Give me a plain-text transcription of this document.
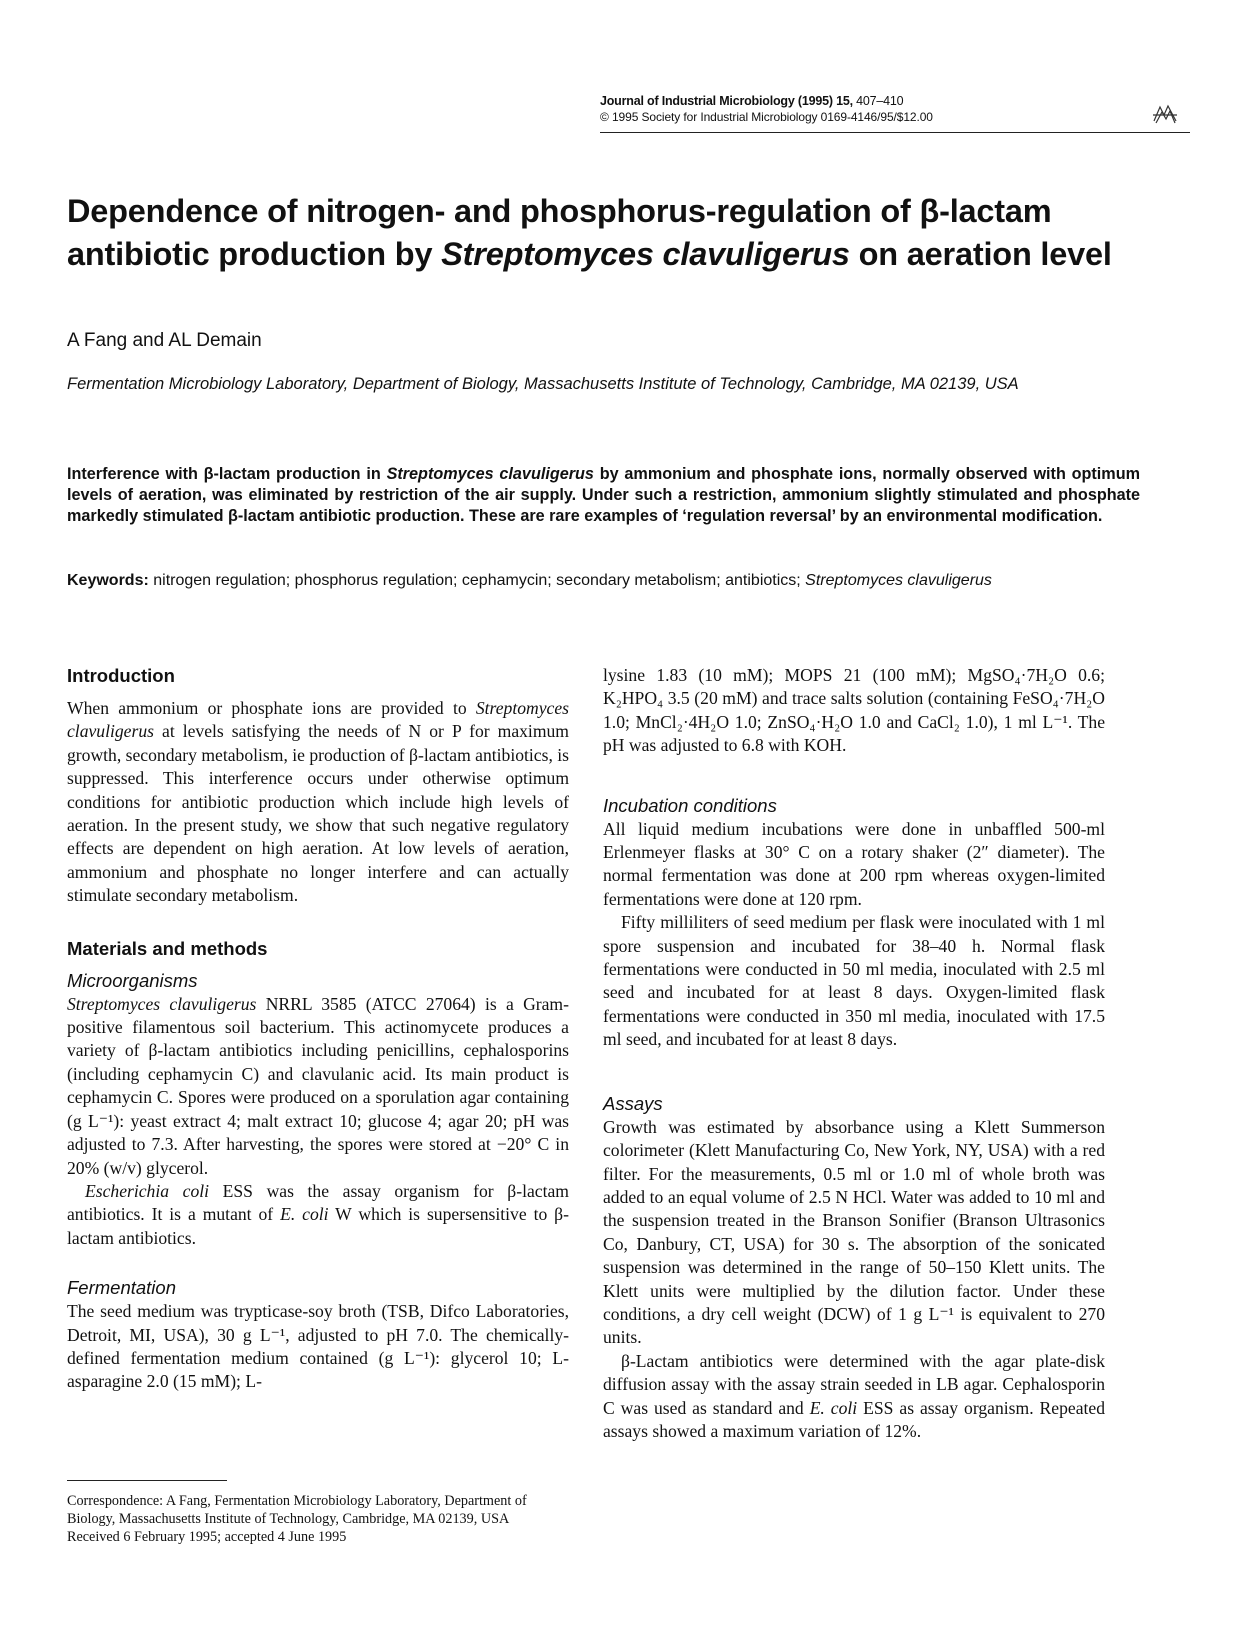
Journal of Industrial Microbiology (1995) 15, 407–410
© 1995 Society for Industrial Microbiology 0169-4146/95/$12.00
Dependence of nitrogen- and phosphorus-regulation of β-lactam antibiotic production by Streptomyces clavuligerus on aeration level
A Fang and AL Demain
Fermentation Microbiology Laboratory, Department of Biology, Massachusetts Institute of Technology, Cambridge, MA 02139, USA

Interference with β-lactam production in Streptomyces clavuligerus by ammonium and phosphate ions, normally observed with optimum levels of aeration, was eliminated by restriction of the air supply. Under such a restriction, ammonium slightly stimulated and phosphate markedly stimulated β-lactam antibiotic production. These are rare examples of ‘regulation reversal’ by an environmental modification.

Keywords: nitrogen regulation; phosphorus regulation; cephamycin; secondary metabolism; antibiotics; Streptomyces clavuligerus

Introduction

When ammonium or phosphate ions are provided to Streptomyces clavuligerus at levels satisfying the needs of N or P for maximum growth, secondary metabolism, ie production of β-lactam antibiotics, is suppressed. This interference occurs under otherwise optimum conditions for antibiotic production which include high levels of aeration. In the present study, we show that such negative regulatory effects are dependent on high aeration. At low levels of aeration, ammonium and phosphate no longer interfere and can actually stimulate secondary metabolism.

Materials and methods
Microorganisms

Streptomyces clavuligerus NRRL 3585 (ATCC 27064) is a Gram-positive filamentous soil bacterium. This actinomycete produces a variety of β-lactam antibiotics including penicillins, cephalosporins (including cephamycin C) and clavulanic acid. Its main product is cephamycin C. Spores were produced on a sporulation agar containing (g L⁻¹): yeast extract 4; malt extract 10; glucose 4; agar 20; pH was adjusted to 7.3. After harvesting, the spores were stored at −20° C in 20% (w/v) glycerol.

Escherichia coli ESS was the assay organism for β-lactam antibiotics. It is a mutant of E. coli W which is supersensitive to β-lactam antibiotics.

Fermentation

The seed medium was trypticase-soy broth (TSB, Difco Laboratories, Detroit, MI, USA), 30 g L⁻¹, adjusted to pH 7.0. The chemically-defined fermentation medium contained (g L⁻¹): glycerol 10; L-asparagine 2.0 (15 mM); L-

lysine 1.83 (10 mM); MOPS 21 (100 mM); MgSO₄·7H₂O 0.6; K₂HPO₄ 3.5 (20 mM) and trace salts solution (containing FeSO₄·7H₂O 1.0; MnCl₂·4H₂O 1.0; ZnSO₄·H₂O 1.0 and CaCl₂ 1.0), 1 ml L⁻¹. The pH was adjusted to 6.8 with KOH.

Incubation conditions

All liquid medium incubations were done in unbaffled 500-ml Erlenmeyer flasks at 30° C on a rotary shaker (2″ diameter). The normal fermentation was done at 200 rpm whereas oxygen-limited fermentations were done at 120 rpm.

Fifty milliliters of seed medium per flask were inoculated with 1 ml spore suspension and incubated for 38–40 h. Normal flask fermentations were conducted in 50 ml media, inoculated with 2.5 ml seed and incubated for at least 8 days. Oxygen-limited flask fermentations were conducted in 350 ml media, inoculated with 17.5 ml seed, and incubated for at least 8 days.

Assays

Growth was estimated by absorbance using a Klett Summerson colorimeter (Klett Manufacturing Co, New York, NY, USA) with a red filter. For the measurements, 0.5 ml or 1.0 ml of whole broth was added to an equal volume of 2.5 N HCl. Water was added to 10 ml and the suspension treated in the Branson Sonifier (Branson Ultrasonics Co, Danbury, CT, USA) for 30 s. The absorption of the sonicated suspension was determined in the range of 50–150 Klett units. The Klett units were multiplied by the dilution factor. Under these conditions, a dry cell weight (DCW) of 1 g L⁻¹ is equivalent to 270 units.

β-Lactam antibiotics were determined with the agar plate-disk diffusion assay with the assay strain seeded in LB agar. Cephalosporin C was used as standard and E. coli ESS as assay organism. Repeated assays showed a maximum variation of 12%.

Correspondence: A Fang, Fermentation Microbiology Laboratory, Department of Biology, Massachusetts Institute of Technology, Cambridge, MA 02139, USA

Received 6 February 1995; accepted 4 June 1995
